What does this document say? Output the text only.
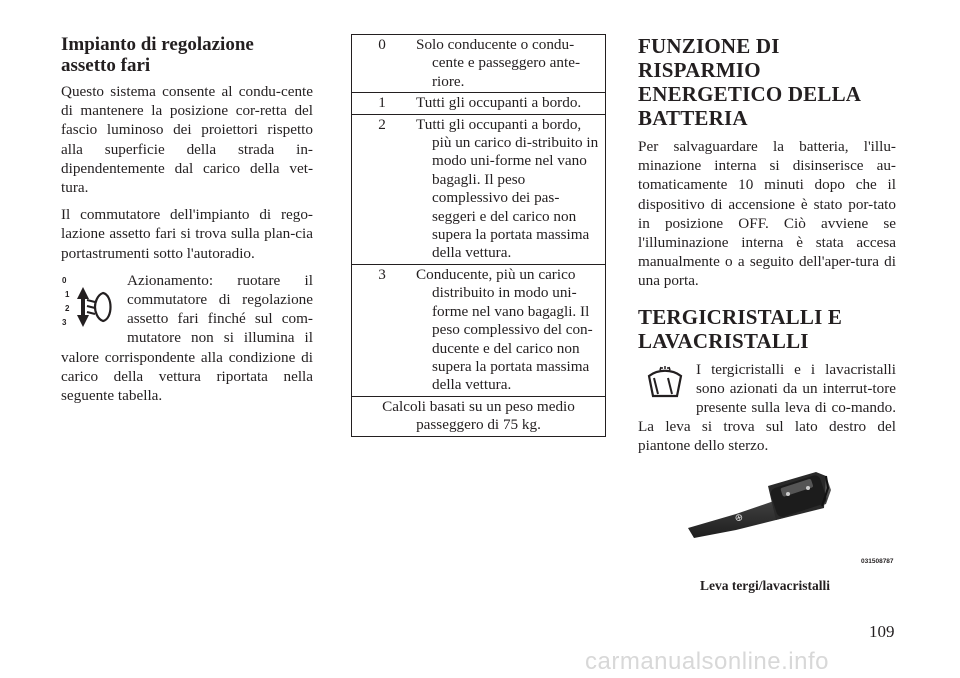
Impianto di regolazione assetto fari

Questo sistema consente al condu-cente di mantenere la posizione cor-retta del fascio luminoso dei proiettori rispetto alla superficie della strada in-dipendentemente dal carico della vet-tura.

Il commutatore dell'impianto di rego-lazione assetto fari si trova sulla plan-cia portastrumenti sotto l'autoradio.

0
1
2
3

Azionamento: ruotare il commutatore di regolazione assetto fari finché sul com-mutatore non si illumina il valore corrispondente alla condizione di carico della vettura riportata nella seguente tabella.

0	Solo conducente o condu-cente e passeggero ante-riore.

1	Tutti gli occupanti a bordo.

2	Tutti gli occupanti a bordo, più un carico di-stribuito in modo uni-forme nel vano bagagli. Il peso complessivo dei pas-seggeri e del carico non supera la portata massima della vettura.

3	Conducente, più un carico distribuito in modo uni-forme nel vano bagagli. Il peso complessivo del con-ducente e del carico non supera la portata massima della vettura.

Calcoli basati su un peso medio passeggero di 75 kg.	
FUNZIONE DI RISPARMIO ENERGETICO DELLA BATTERIA

Per salvaguardare la batteria, l'illu-minazione interna si disinserisce au-tomaticamente 10 minuti dopo che il dispositivo di accensione è stato por-tato in posizione OFF. Ciò avviene se l'illuminazione interna è stata accesa manualmente o a seguito dell'aper-tura di una porta.

TERGICRISTALLI E LAVACRISTALLI

I tergicristalli e i lavacristalli sono azionati da un interrut-tore presente sulla leva di co-mando. La leva si trova sul lato destro del piantone dello sterzo.

⊕
031508787
Leva tergi/lavacristalli
109
carmanualsonline.info
